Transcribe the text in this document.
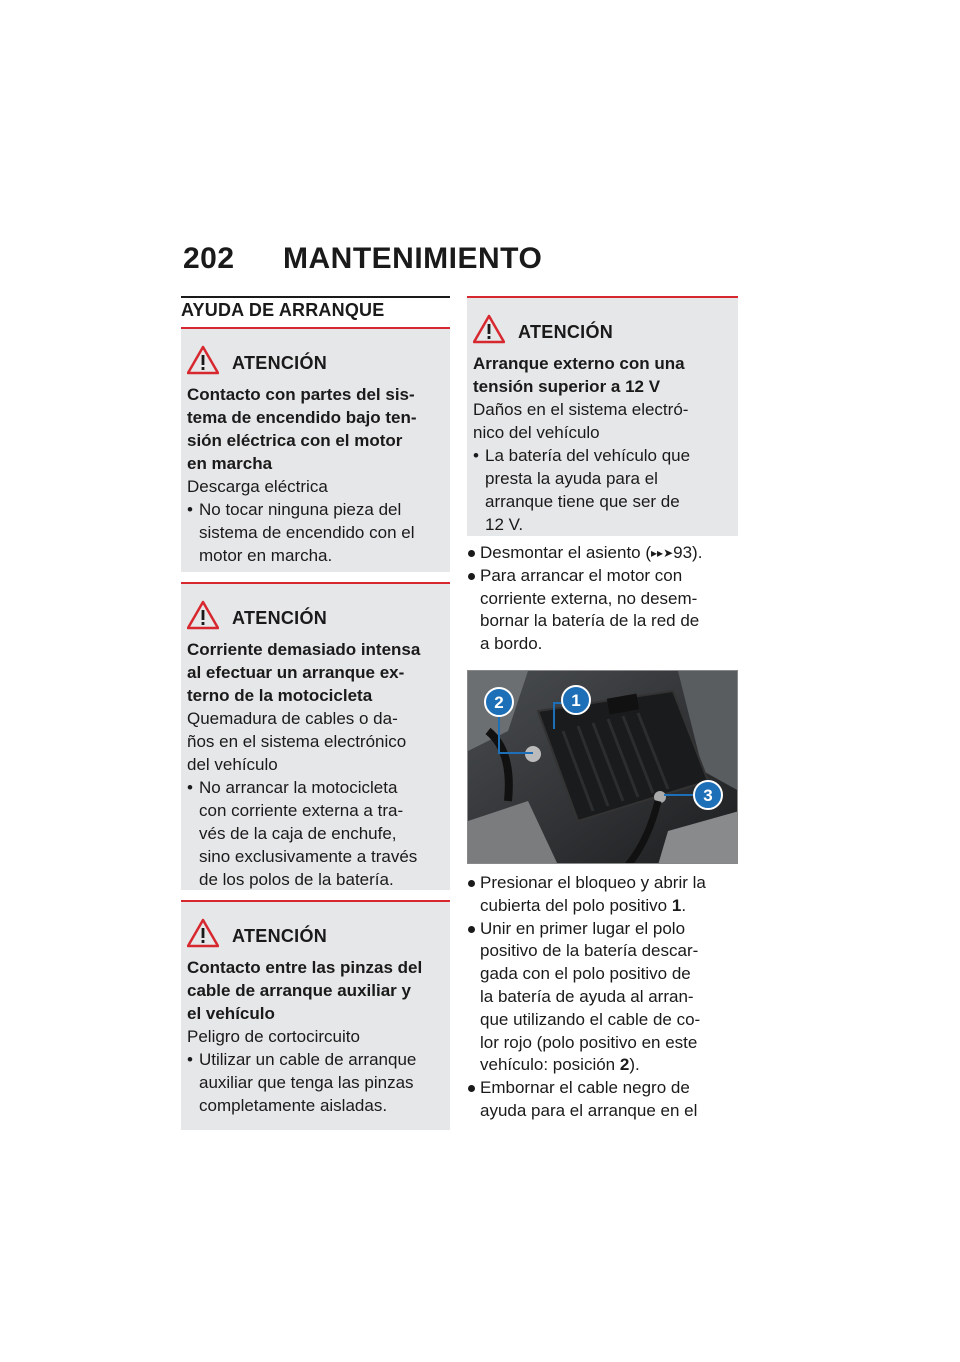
202 MANTENIMIENTO
AYUDA DE ARRANQUE
ATENCIÓN
Contacto con partes del sis-
tema de encendido bajo ten-
sión eléctrica con el motor
en marcha
Descarga eléctrica
• No tocar ninguna pieza del
sistema de encendido con el
motor en marcha.
ATENCIÓN
Corriente demasiado intensa
al efectuar un arranque ex-
terno de la motocicleta
Quemadura de cables o da-
ños en el sistema electrónico
del vehículo
• No arrancar la motocicleta
con corriente externa a tra-
vés de la caja de enchufe,
sino exclusivamente a través
de los polos de la batería.
ATENCIÓN
Contacto entre las pinzas del
cable de arranque auxiliar y
el vehículo
Peligro de cortocircuito
• Utilizar un cable de arranque
auxiliar que tenga las pinzas
completamente aisladas.
ATENCIÓN
Arranque externo con una
tensión superior a 12 V
Daños en el sistema electró-
nico del vehículo
• La batería del vehículo que
presta la ayuda para el
arranque tiene que ser de
12 V.
Desmontar el asiento (▸▸➤93).
Para arrancar el motor con
corriente externa, no desem-
bornar la batería de la red de
a bordo.
1
2
3
Presionar el bloqueo y abrir la
cubierta del polo positivo 1.
Unir en primer lugar el polo
positivo de la batería descar-
gada con el polo positivo de
la batería de ayuda al arran-
que utilizando el cable de co-
lor rojo (polo positivo en este
vehículo: posición 2).
Embornar el cable negro de
ayuda para el arranque en el
